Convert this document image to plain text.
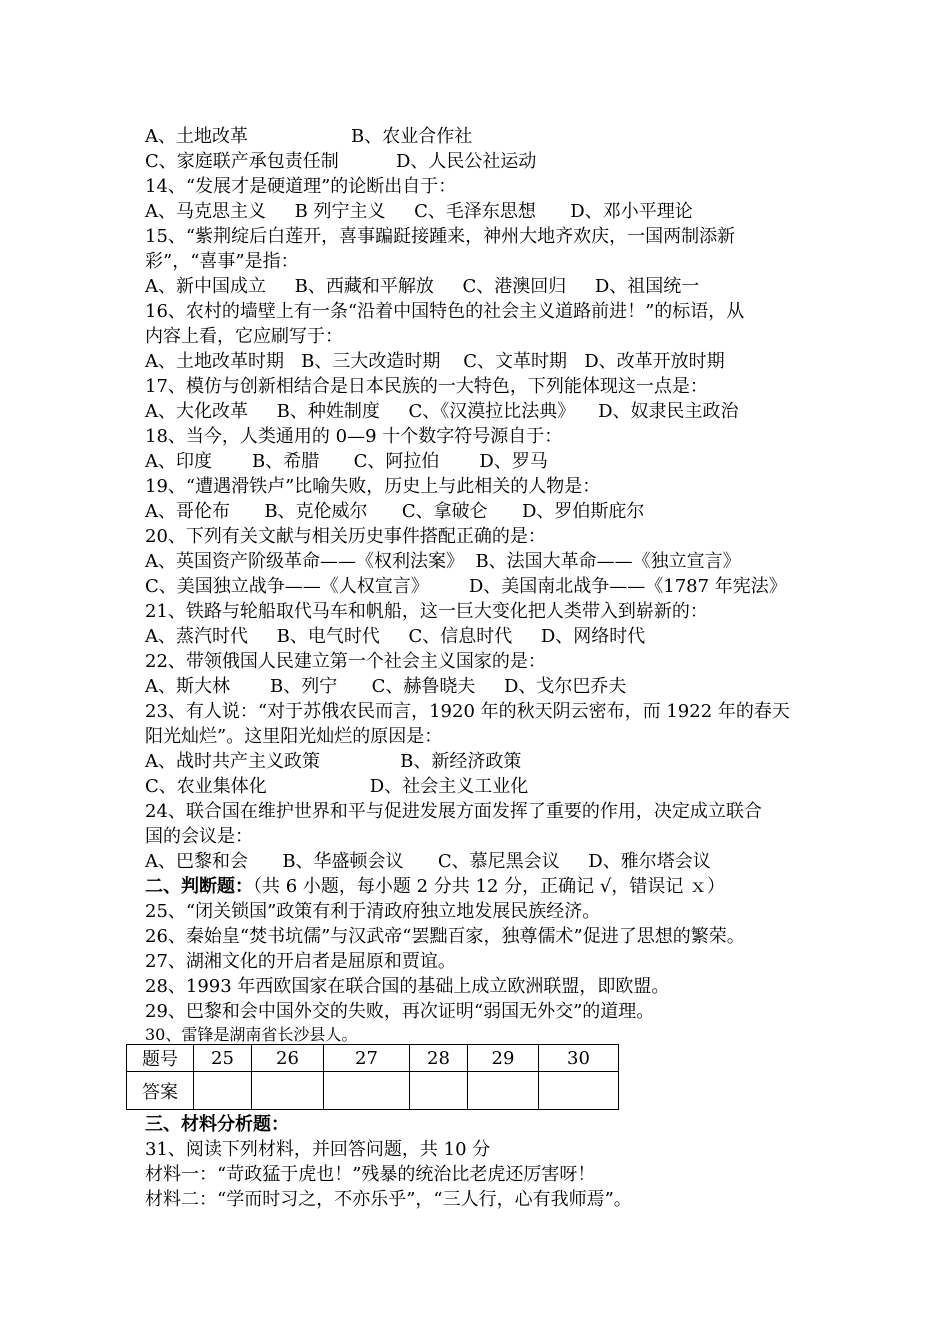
A、土地改革                  B、农业合作社
C、家庭联产承包责任制          D、人民公社运动
14、“发展才是硬道理”的论断出自于：
A、马克思主义     B 列宁主义     C、毛泽东思想      D、邓小平理论
15、“紫荆绽后白莲开，喜事蹁跹接踵来，神州大地齐欢庆，一国两制添新
彩”，“喜事”是指：
A、新中国成立     B、西藏和平解放     C、港澳回归     D、祖国统一
16、农村的墙壁上有一条“沿着中国特色的社会主义道路前进！”的标语，从
内容上看，它应刷写于：
A、土地改革时期   B、三大改造时期    C、文革时期   D、改革开放时期
17、模仿与创新相结合是日本民族的一大特色，下列能体现这一点是：
A、大化改革     B、种姓制度     C、《汉漠拉比法典》    D、奴隶民主政治
18、当今，人类通用的 0—9 十个数字符号源自于：
A、印度       B、希腊      C、阿拉伯       D、罗马
19、“遭遇滑铁卢”比喻失败，历史上与此相关的人物是：
A、哥伦布      B、克伦威尔      C、拿破仑      D、罗伯斯庇尔
20、下列有关文献与相关历史事件搭配正确的是：
A、英国资产阶级革命——《权利法案》  B、法国大革命——《独立宣言》
C、美国独立战争——《人权宣言》       D、美国南北战争——《1787 年宪法》
21、铁路与轮船取代马车和帆船，这一巨大变化把人类带入到崭新的：
A、蒸汽时代     B、电气时代     C、信息时代     D、网络时代
22、带领俄国人民建立第一个社会主义国家的是：
A、斯大林       B、列宁      C、赫鲁晓夫     D、戈尔巴乔夫
23、有人说：“对于苏俄农民而言，1920 年的秋天阴云密布，而 1922 年的春天
阳光灿烂”。这里阳光灿烂的原因是：
A、战时共产主义政策              B、新经济政策
C、农业集体化                  D、社会主义工业化
24、联合国在维护世界和平与促进发展方面发挥了重要的作用，决定成立联合
国的会议是：
A、巴黎和会      B、华盛顿会议      C、慕尼黑会议     D、雅尔塔会议
二、判断题：（共 6 小题，每小题 2 分共 12 分，正确记 √，错误记 ｘ）
25、“闭关锁国”政策有利于清政府独立地发展民族经济。
26、秦始皇“焚书坑儒”与汉武帝“罢黜百家，独尊儒术”促进了思想的繁荣。
27、湖湘文化的开启者是屈原和贾谊。
28、1993 年西欧国家在联合国的基础上成立欧洲联盟，即欧盟。
29、巴黎和会中国外交的失败，再次证明“弱国无外交”的道理。
30、雷锋是湖南省长沙县人。
题号	25	26	27	28	29	30
答案						
三、材料分析题：
31、阅读下列材料，并回答问题，共 10 分
材料一：“苛政猛于虎也！”残暴的统治比老虎还厉害呀！
材料二：“学而时习之，不亦乐乎”，“三人行，心有我师焉”。
